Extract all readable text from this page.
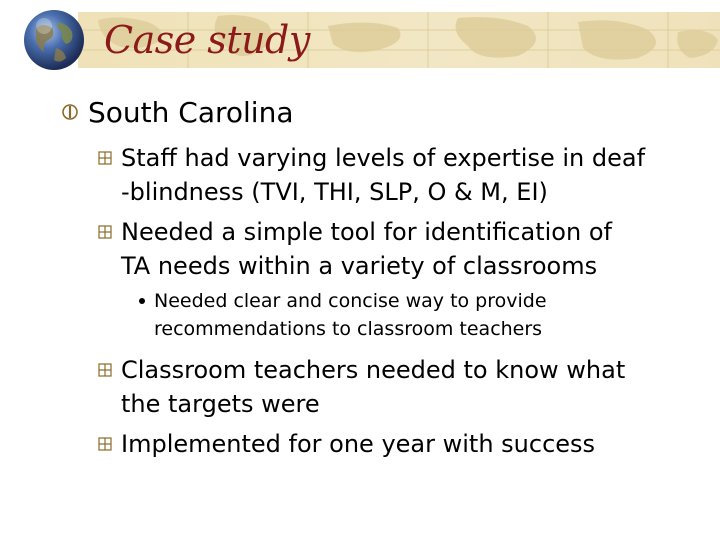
Case study
South Carolina
Staff had varying levels of expertise in deaf
-blindness (TVI, THI, SLP, O & M, EI)
Needed a simple tool for identification of
TA needs within a variety of classrooms
Needed clear and concise way to provide
recommendations to classroom teachers
Classroom teachers needed to know what
the targets were
Implemented for one year with success
